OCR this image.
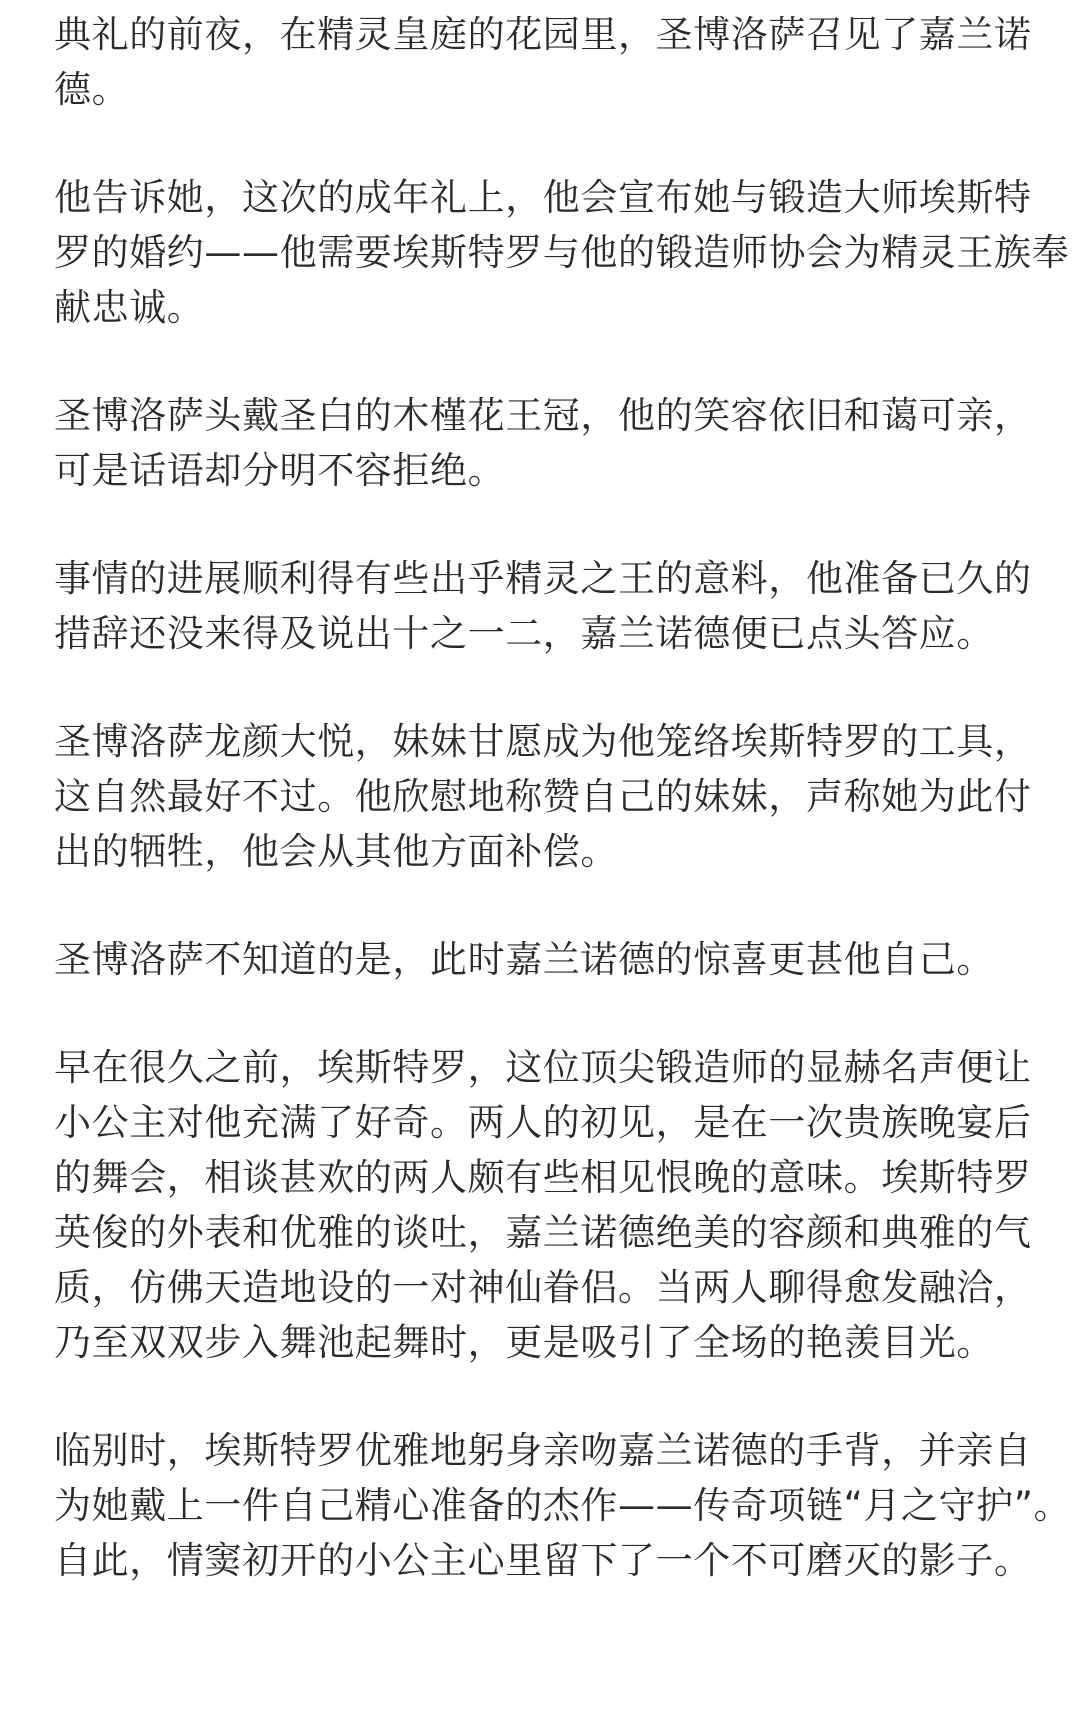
典礼的前夜，在精灵皇庭的花园里，圣博洛萨召见了嘉兰诺
德。

他告诉她，这次的成年礼上，他会宣布她与锻造大师埃斯特
罗的婚约——他需要埃斯特罗与他的锻造师协会为精灵王族奉
献忠诚。

圣博洛萨头戴圣白的木槿花王冠，他的笑容依旧和蔼可亲，
可是话语却分明不容拒绝。

事情的进展顺利得有些出乎精灵之王的意料，他准备已久的
措辞还没来得及说出十之一二，嘉兰诺德便已点头答应。

圣博洛萨龙颜大悦，妹妹甘愿成为他笼络埃斯特罗的工具，
这自然最好不过。他欣慰地称赞自己的妹妹，声称她为此付
出的牺牲，他会从其他方面补偿。

圣博洛萨不知道的是，此时嘉兰诺德的惊喜更甚他自己。

早在很久之前，埃斯特罗，这位顶尖锻造师的显赫名声便让
小公主对他充满了好奇。两人的初见，是在一次贵族晚宴后
的舞会，相谈甚欢的两人颇有些相见恨晚的意味。埃斯特罗
英俊的外表和优雅的谈吐，嘉兰诺德绝美的容颜和典雅的气
质，仿佛天造地设的一对神仙眷侣。当两人聊得愈发融洽，
乃至双双步入舞池起舞时，更是吸引了全场的艳羡目光。

临别时，埃斯特罗优雅地躬身亲吻嘉兰诺德的手背，并亲自
为她戴上一件自己精心准备的杰作——传奇项链“月之守护”。
自此，情窦初开的小公主心里留下了一个不可磨灭的影子。
